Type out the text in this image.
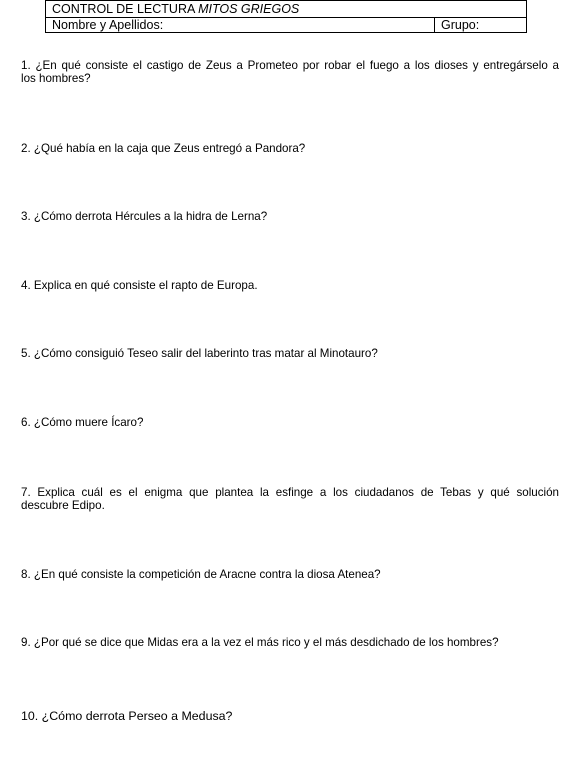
CONTROL DE LECTURA MITOS GRIEGOS
Nombre y Apellidos:	Grupo:
1. ¿En qué consiste el castigo de Zeus a Prometeo por robar el fuego a los dioses y entregárselo a
los hombres?
2. ¿Qué había en la caja que Zeus entregó a Pandora?
3. ¿Cómo derrota Hércules a la hidra de Lerna?
4. Explica en qué consiste el rapto de Europa.
5. ¿Cómo consiguió Teseo salir del laberinto tras matar al Minotauro?
6. ¿Cómo muere Ícaro?
7. Explica cuál es el enigma que plantea la esfinge a los ciudadanos de Tebas y qué solución
descubre Edipo.
8. ¿En qué consiste la competición de Aracne contra la diosa Atenea?
9. ¿Por qué se dice que Midas era a la vez el más rico y el más desdichado de los hombres?
10. ¿Cómo derrota Perseo a Medusa?
